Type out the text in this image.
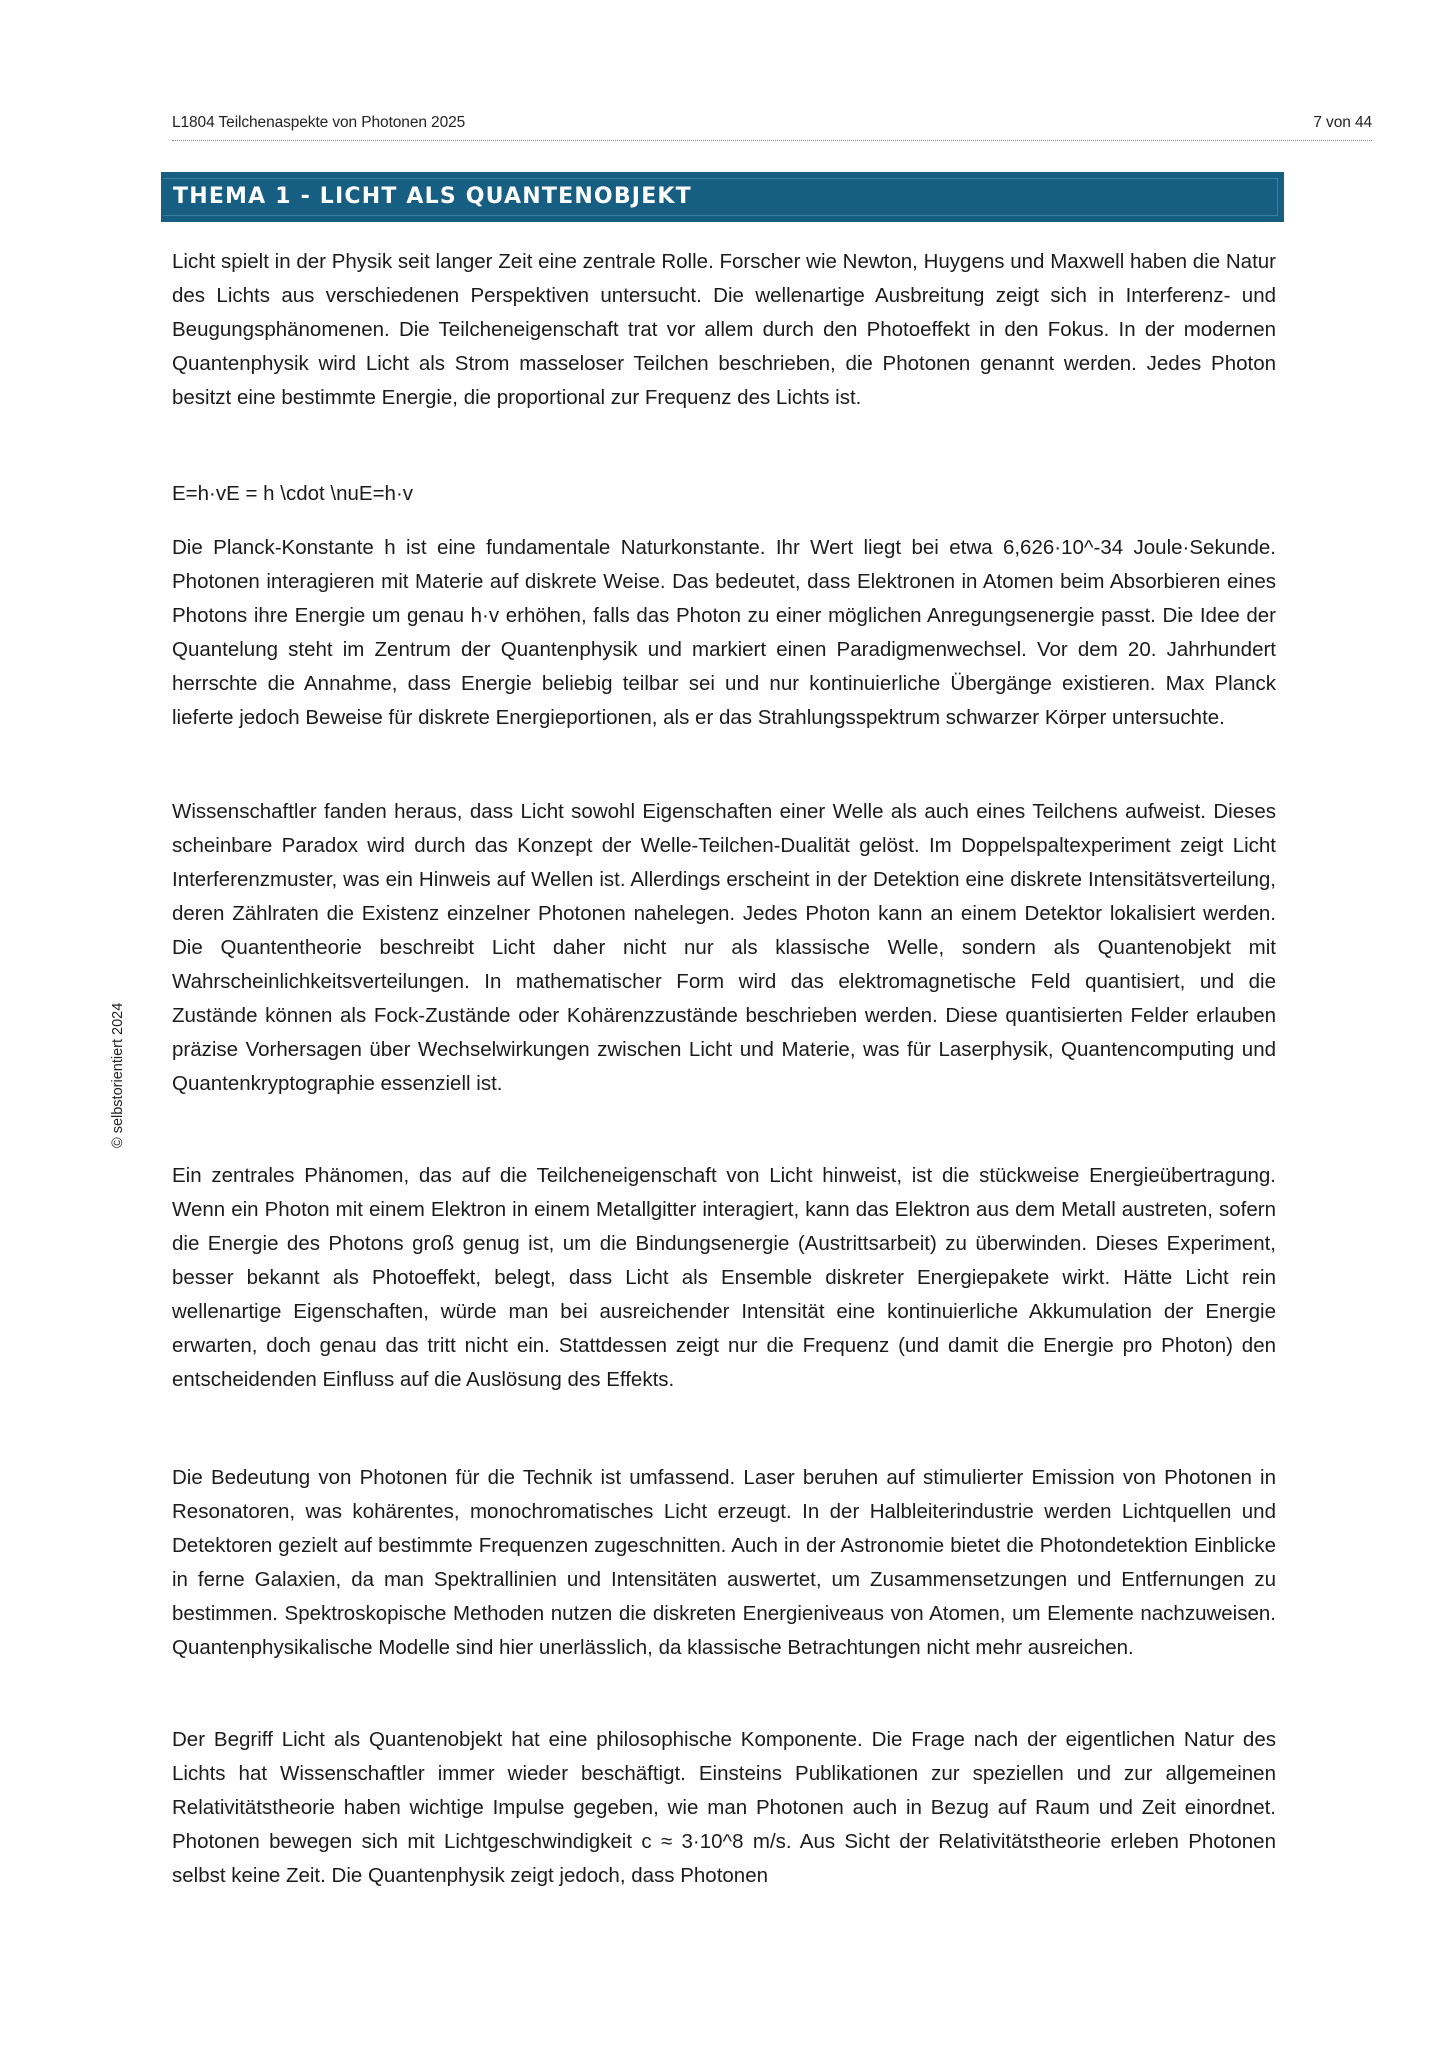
L1804 Teilchenaspekte von Photonen 2025	7 von 44
THEMA 1 - LICHT ALS QUANTENOBJEKT
© selbstorientiert 2024

Licht spielt in der Physik seit langer Zeit eine zentrale Rolle. Forscher wie Newton, Huygens und Maxwell haben die Natur des Lichts aus verschiedenen Perspektiven untersucht. Die wellenartige Ausbreitung zeigt sich in Interferenz- und Beugungsphänomenen. Die Teilcheneigenschaft trat vor allem durch den Photoeffekt in den Fokus. In der modernen Quantenphysik wird Licht als Strom masseloser Teilchen beschrieben, die Photonen genannt werden. Jedes Photon besitzt eine bestimmte Energie, die proportional zur Frequenz des Lichts ist.

E=h·vE = h \cdot \nuE=h·v

Die Planck-Konstante h ist eine fundamentale Naturkonstante. Ihr Wert liegt bei etwa 6,626·10^-34 Joule·Sekunde. Photonen interagieren mit Materie auf diskrete Weise. Das bedeutet, dass Elektronen in Atomen beim Absorbieren eines Photons ihre Energie um genau h·v erhöhen, falls das Photon zu einer möglichen Anregungsenergie passt. Die Idee der Quantelung steht im Zentrum der Quantenphysik und markiert einen Paradigmenwechsel. Vor dem 20. Jahrhundert herrschte die Annahme, dass Energie beliebig teilbar sei und nur kontinuierliche Übergänge existieren. Max Planck lieferte jedoch Beweise für diskrete Energieportionen, als er das Strahlungsspektrum schwarzer Körper untersuchte.

Wissenschaftler fanden heraus, dass Licht sowohl Eigenschaften einer Welle als auch eines Teilchens aufweist. Dieses scheinbare Paradox wird durch das Konzept der Welle-Teilchen-Dualität gelöst. Im Doppelspaltexperiment zeigt Licht Interferenzmuster, was ein Hinweis auf Wellen ist. Allerdings erscheint in der Detektion eine diskrete Intensitätsverteilung, deren Zählraten die Existenz einzelner Photonen nahelegen. Jedes Photon kann an einem Detektor lokalisiert werden. Die Quantentheorie beschreibt Licht daher nicht nur als klassische Welle, sondern als Quantenobjekt mit Wahrscheinlichkeitsverteilungen. In mathematischer Form wird das elektromagnetische Feld quantisiert, und die Zustände können als Fock-Zustände oder Kohärenzzustände beschrieben werden. Diese quantisierten Felder erlauben präzise Vorhersagen über Wechselwirkungen zwischen Licht und Materie, was für Laserphysik, Quantencomputing und Quantenkryptographie essenziell ist.

Ein zentrales Phänomen, das auf die Teilcheneigenschaft von Licht hinweist, ist die stückweise Energieübertragung. Wenn ein Photon mit einem Elektron in einem Metallgitter interagiert, kann das Elektron aus dem Metall austreten, sofern die Energie des Photons groß genug ist, um die Bindungsenergie (Austrittsarbeit) zu überwinden. Dieses Experiment, besser bekannt als Photoeffekt, belegt, dass Licht als Ensemble diskreter Energiepakete wirkt. Hätte Licht rein wellenartige Eigenschaften, würde man bei ausreichender Intensität eine kontinuierliche Akkumulation der Energie erwarten, doch genau das tritt nicht ein. Stattdessen zeigt nur die Frequenz (und damit die Energie pro Photon) den entscheidenden Einfluss auf die Auslösung des Effekts.

Die Bedeutung von Photonen für die Technik ist umfassend. Laser beruhen auf stimulierter Emission von Photonen in Resonatoren, was kohärentes, monochromatisches Licht erzeugt. In der Halbleiterindustrie werden Lichtquellen und Detektoren gezielt auf bestimmte Frequenzen zugeschnitten. Auch in der Astronomie bietet die Photondetektion Einblicke in ferne Galaxien, da man Spektrallinien und Intensitäten auswertet, um Zusammensetzungen und Entfernungen zu bestimmen. Spektroskopische Methoden nutzen die diskreten Energieniveaus von Atomen, um Elemente nachzuweisen. Quantenphysikalische Modelle sind hier unerlässlich, da klassische Betrachtungen nicht mehr ausreichen.

Der Begriff Licht als Quantenobjekt hat eine philosophische Komponente. Die Frage nach der eigentlichen Natur des Lichts hat Wissenschaftler immer wieder beschäftigt. Einsteins Publikationen zur speziellen und zur allgemeinen Relativitätstheorie haben wichtige Impulse gegeben, wie man Photonen auch in Bezug auf Raum und Zeit einordnet. Photonen bewegen sich mit Lichtgeschwindigkeit c ≈ 3·10^8 m/s. Aus Sicht der Relativitätstheorie erleben Photonen selbst keine Zeit. Die Quantenphysik zeigt jedoch, dass Photonen
